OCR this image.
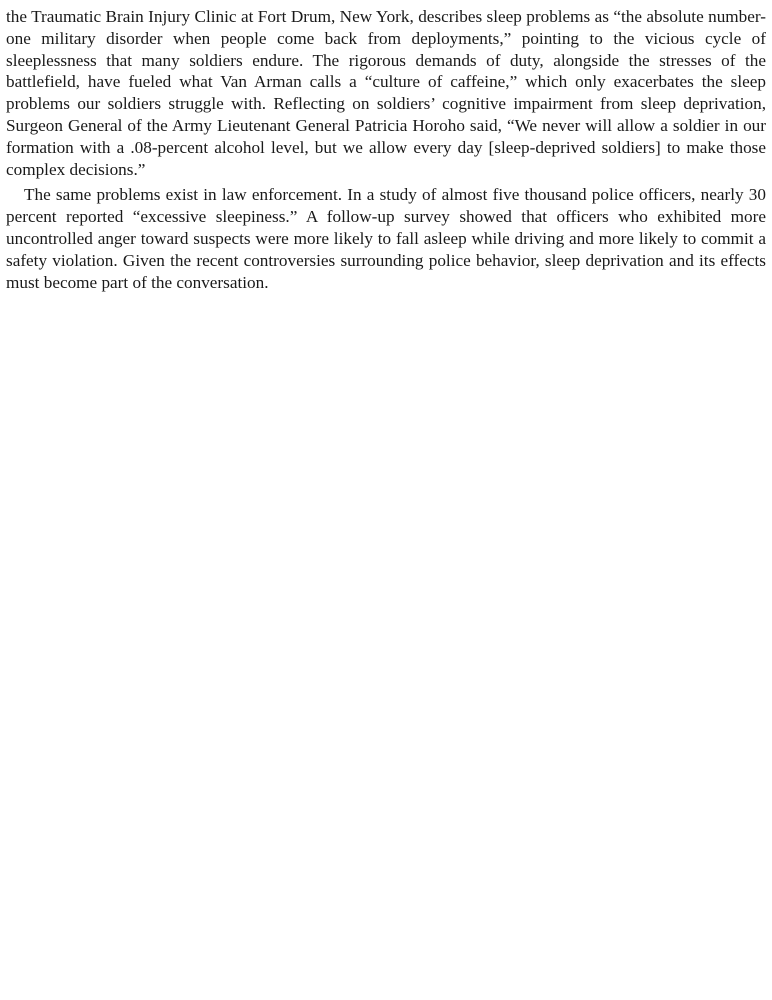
the Traumatic Brain Injury Clinic at Fort Drum, New York, describes sleep problems as “the absolute number-one military disorder when people come back from deployments,” pointing to the vicious cycle of sleeplessness that many soldiers endure. The rigorous demands of duty, alongside the stresses of the battlefield, have fueled what Van Arman calls a “culture of caffeine,” which only exacerbates the sleep problems our soldiers struggle with. Reflecting on soldiers’ cognitive impairment from sleep deprivation, Surgeon General of the Army Lieutenant General Patricia Horoho said, “We never will allow a soldier in our formation with a .08-percent alcohol level, but we allow every day [sleep-deprived soldiers] to make those complex decisions.”

The same problems exist in law enforcement. In a study of almost five thousand police officers, nearly 30 percent reported “excessive sleepiness.” A follow-up survey showed that officers who exhibited more uncontrolled anger toward suspects were more likely to fall asleep while driving and more likely to commit a safety violation. Given the recent controversies surrounding police behavior, sleep deprivation and its effects must become part of the conversation.
